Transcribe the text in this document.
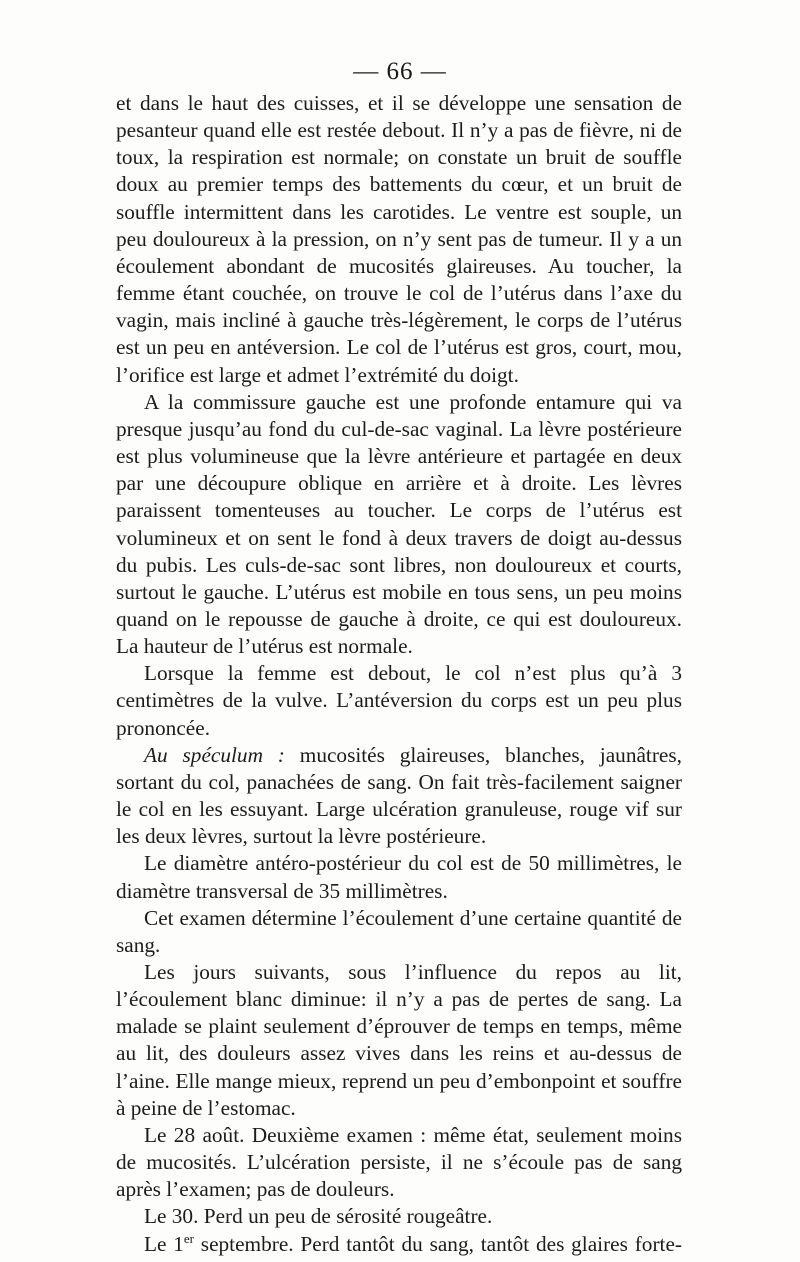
— 66 —

et dans le haut des cuisses, et il se développe une sensation de pesanteur quand elle est restée debout. Il n’y a pas de fièvre, ni de toux, la respiration est normale; on constate un bruit de souffle doux au premier temps des battements du cœur, et un bruit de souffle intermittent dans les carotides. Le ventre est souple, un peu douloureux à la pression, on n’y sent pas de tumeur. Il y a un écoulement abondant de mucosités glaireuses. Au toucher, la femme étant couchée, on trouve le col de l’utérus dans l’axe du vagin, mais incliné à gauche très-légèrement, le corps de l’utérus est un peu en antéversion. Le col de l’utérus est gros, court, mou, l’orifice est large et admet l’extrémité du doigt.

A la commissure gauche est une profonde entamure qui va presque jusqu’au fond du cul-de-sac vaginal. La lèvre postérieure est plus volumineuse que la lèvre antérieure et partagée en deux par une découpure oblique en arrière et à droite. Les lèvres paraissent tomenteuses au toucher. Le corps de l’utérus est volumineux et on sent le fond à deux travers de doigt au-dessus du pubis. Les culs-de-sac sont libres, non douloureux et courts, surtout le gauche. L’utérus est mobile en tous sens, un peu moins quand on le repousse de gauche à droite, ce qui est douloureux. La hauteur de l’utérus est normale.

Lorsque la femme est debout, le col n’est plus qu’à 3 centimètres de la vulve. L’antéversion du corps est un peu plus prononcée.

Au spéculum : mucosités glaireuses, blanches, jaunâtres, sortant du col, panachées de sang. On fait très-facilement saigner le col en les essuyant. Large ulcération granuleuse, rouge vif sur les deux lèvres, surtout la lèvre postérieure.

Le diamètre antéro-postérieur du col est de 50 millimètres, le diamètre transversal de 35 millimètres.

Cet examen détermine l’écoulement d’une certaine quantité de sang.

Les jours suivants, sous l’influence du repos au lit, l’écoulement blanc diminue: il n’y a pas de pertes de sang. La malade se plaint seulement d’éprouver de temps en temps, même au lit, des douleurs assez vives dans les reins et au-dessus de l’aine. Elle mange mieux, reprend un peu d’embonpoint et souffre à peine de l’estomac.

Le 28 août. Deuxième examen : même état, seulement moins de mucosités. L’ulcération persiste, il ne s’écoule pas de sang après l’examen; pas de douleurs.

Le 30. Perd un peu de sérosité rougeâtre.

Le 1er septembre. Perd tantôt du sang, tantôt des glaires forte-
